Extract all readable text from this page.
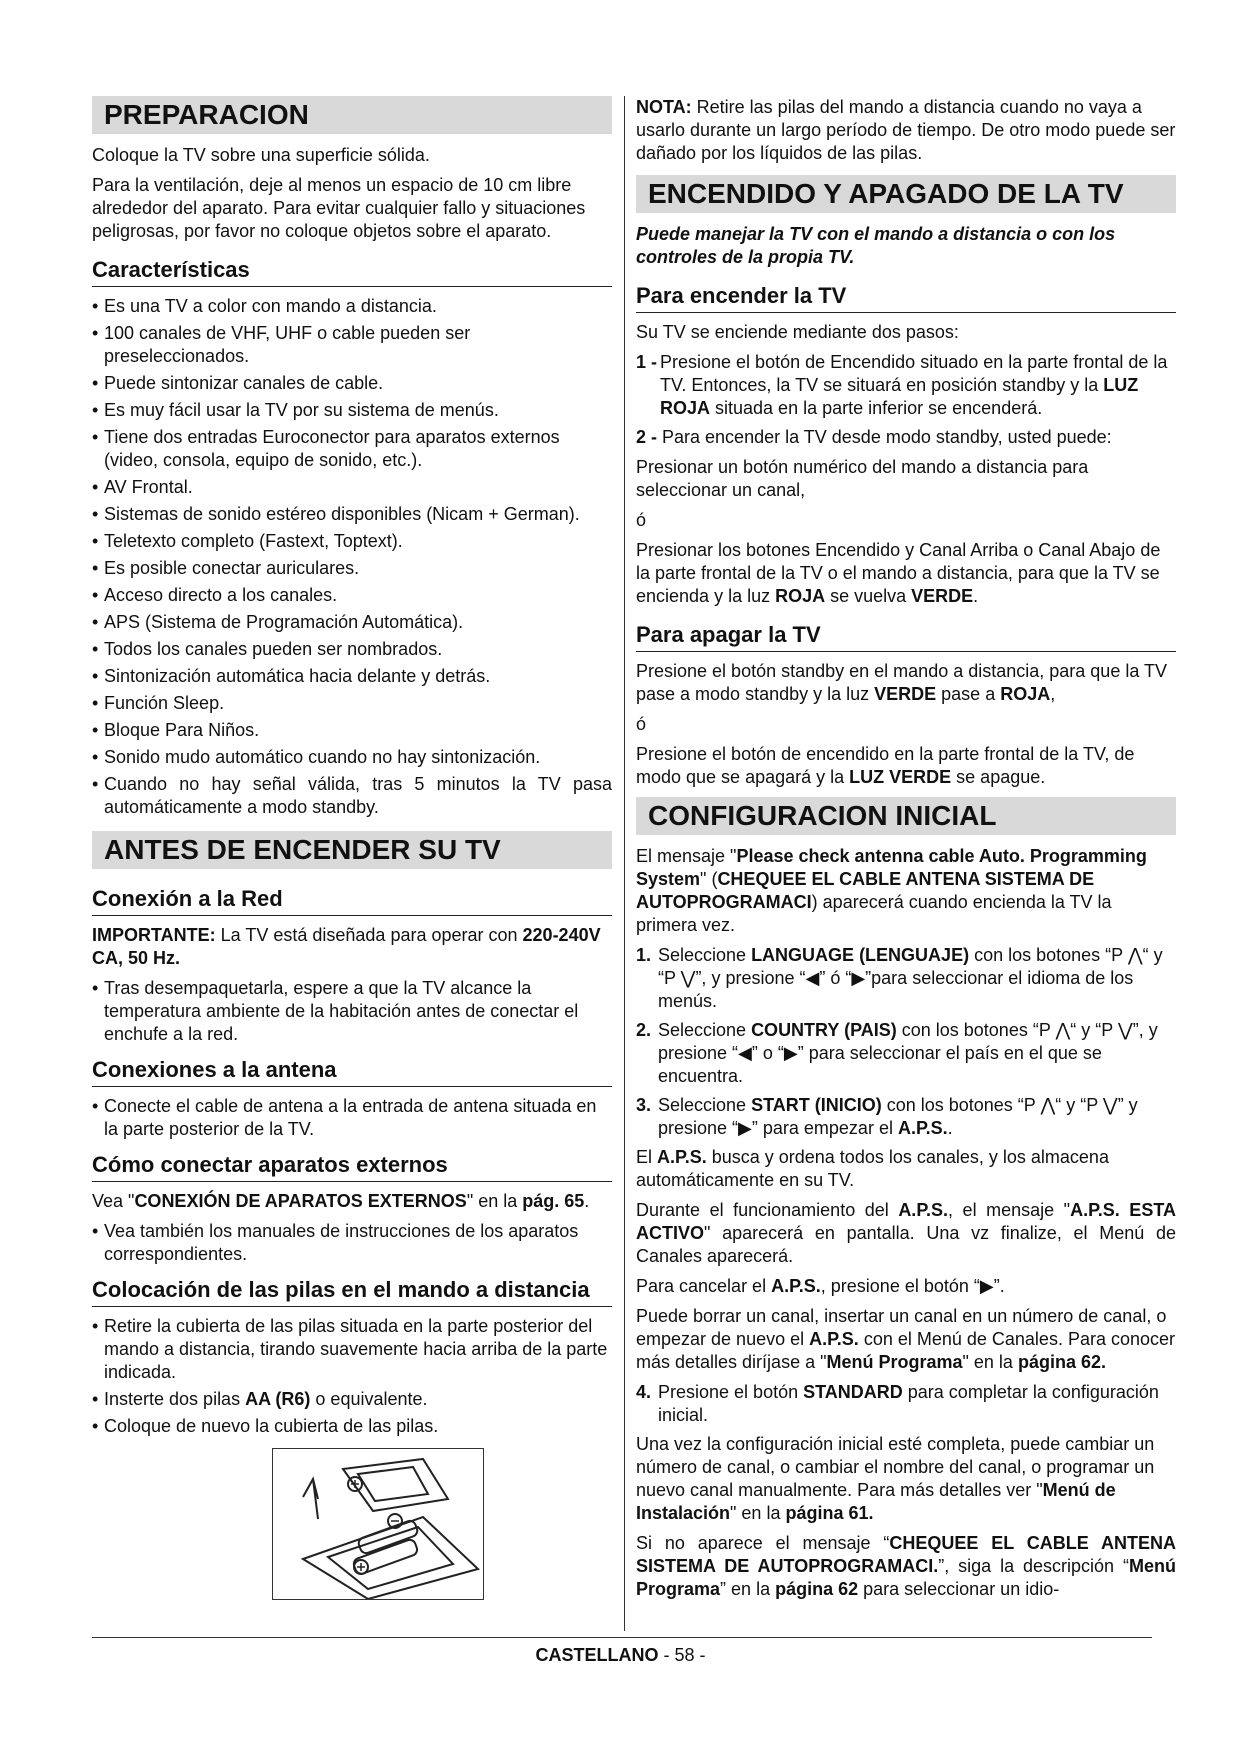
PREPARACION

Coloque la TV sobre una superficie sólida.

Para la ventilación, deje al menos un espacio de 10 cm libre alrededor del aparato. Para evitar cualquier fallo y situaciones peligrosas, por favor no coloque objetos sobre el aparato.

Características
• Es una TV a color con mando a distancia.
• 100 canales de VHF, UHF o cable pueden ser preseleccionados.
• Puede sintonizar canales de cable.
• Es muy fácil usar la TV por su sistema de menús.
• Tiene dos entradas Euroconector para aparatos externos (video, consola, equipo de sonido, etc.).
• AV Frontal.
• Sistemas de sonido estéreo disponibles (Nicam + German).
• Teletexto completo (Fastext, Toptext).
• Es posible conectar auriculares.
• Acceso directo a los canales.
• APS (Sistema de Programación Automática).
• Todos los canales pueden ser nombrados.
• Sintonización automática hacia delante y detrás.
• Función Sleep.
• Bloque Para Niños.
• Sonido mudo automático cuando no hay sintonización.
• Cuando no hay señal válida, tras 5 minutos la TV pasa automáticamente a modo standby.
ANTES DE ENCENDER SU TV
Conexión a la Red

IMPORTANTE: La TV está diseñada para operar con 220-240V CA, 50 Hz.

• Tras desempaquetarla, espere a que la TV alcance la temperatura ambiente de la habitación antes de conectar el enchufe a la red.
Conexiones a la antena
• Conecte el cable de antena a la entrada de antena situada en la parte posterior de la TV.
Cómo conectar aparatos externos

Vea "CONEXIÓN DE APARATOS EXTERNOS" en la pág. 65.

• Vea también los manuales de instrucciones de los aparatos correspondientes.
Colocación de las pilas en el mando a distancia
• Retire la cubierta de las pilas situada en la parte posterior del mando a distancia, tirando suavemente hacia arriba de la parte indicada.
• Insterte dos pilas AA (R6) o equivalente.
• Coloque de nuevo la cubierta de las pilas.

NOTA: Retire las pilas del mando a distancia cuando no vaya a usarlo durante un largo período de tiempo. De otro modo puede ser dañado por los líquidos de las pilas.

ENCENDIDO Y APAGADO DE LA TV

Puede manejar la TV con el mando a distancia o con los controles de la propia TV.

Para encender la TV

Su TV se enciende mediante dos pasos:

1 - Presione el botón de Encendido situado en la parte frontal de la TV. Entonces, la TV se situará en posición standby y la LUZ ROJA situada en la parte inferior se encenderá.

2 - Para encender la TV desde modo standby, usted puede:

Presionar un botón numérico del mando a distancia para seleccionar un canal,

ó

Presionar los botones Encendido y Canal Arriba o Canal Abajo de la parte frontal de la TV o el mando a distancia, para que la TV se encienda y la luz ROJA se vuelva VERDE.

Para apagar la TV

Presione el botón standby en el mando a distancia, para que la TV pase a modo standby y la luz VERDE pase a ROJA,

ó

Presione el botón de encendido en la parte frontal de la TV, de modo que se apagará y la LUZ VERDE se apague.

CONFIGURACION INICIAL

El mensaje "Please check antenna cable Auto. Programming System" (CHEQUEE EL CABLE ANTENA SISTEMA DE AUTOPROGRAMACI) aparecerá cuando encienda la TV la primera vez.

1. Seleccione LANGUAGE (LENGUAJE) con los botones “P ⋀“ y “P ⋁”, y presione “◀” ó “▶”para seleccionar el idioma de los menús.
2. Seleccione COUNTRY (PAIS) con los botones “P ⋀“ y “P ⋁”, y presione “◀” o “▶” para seleccionar el país en el que se encuentra.
3. Seleccione START (INICIO) con los botones “P ⋀“ y “P ⋁” y presione “▶” para empezar el A.P.S..

El A.P.S. busca y ordena todos los canales, y los almacena automáticamente en su TV.

Durante el funcionamiento del A.P.S., el mensaje "A.P.S. ESTA ACTIVO" aparecerá en pantalla. Una vz finalize, el Menú de Canales aparecerá.

Para cancelar el A.P.S., presione el botón “▶”.

Puede borrar un canal, insertar un canal en un número de canal, o empezar de nuevo el A.P.S. con el Menú de Canales. Para conocer más detalles diríjase a "Menú Programa" en la página 62.

4. Presione el botón STANDARD para completar la configuración inicial.

Una vez la configuración inicial esté completa, puede cambiar un número de canal, o cambiar el nombre del canal, o programar un nuevo canal manualmente. Para más detalles ver "Menú de Instalación" en la página 61.

Si no aparece el mensaje “CHEQUEE EL CABLE ANTENA SISTEMA DE AUTOPROGRAMACI.”, siga la descripción “Menú Programa” en la página 62 para seleccionar un idio-

CASTELLANO - 58 -
